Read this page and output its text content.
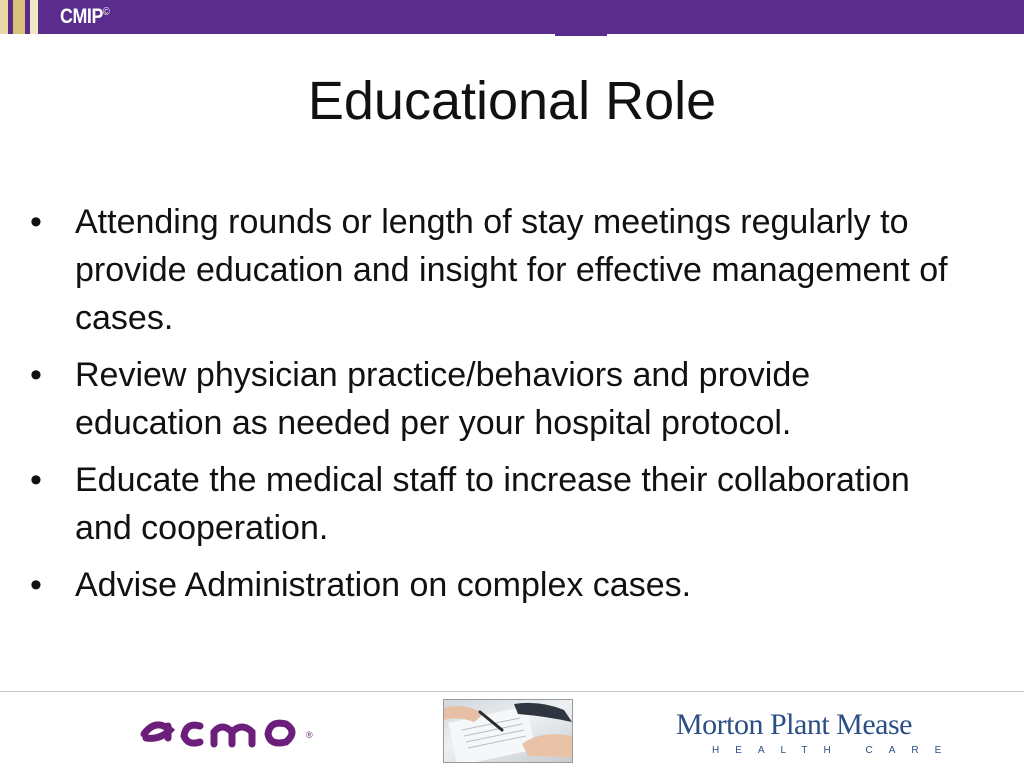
CMIP©
Educational Role
• Attending rounds or length of stay meetings regularly to provide education and insight for effective management of cases.
• Review physician practice/behaviors and provide education as needed per your hospital protocol.
• Educate the medical staff to increase their collaboration and cooperation.
• Advise Administration on complex cases.
®	Morton Plant Mease
HEALTH CARE
